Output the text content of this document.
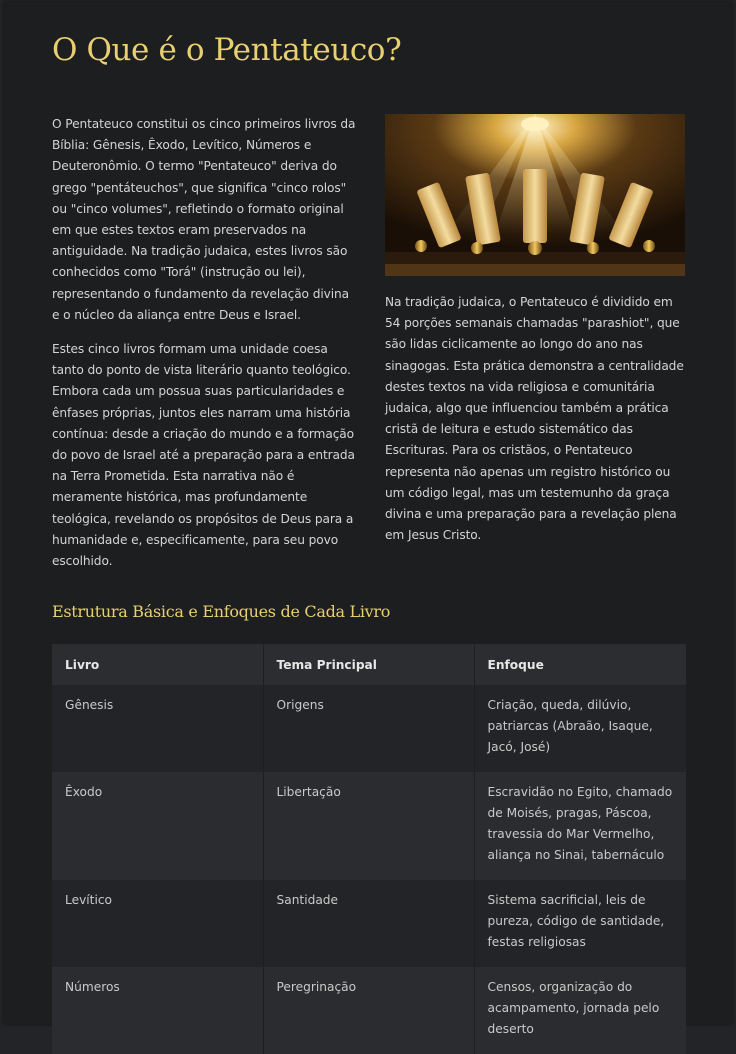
O Que é o Pentateuco?

O Pentateuco constitui os cinco primeiros livros da Bíblia: Gênesis, Êxodo, Levítico, Números e Deuteronômio. O termo "Pentateuco" deriva do grego "pentáteuchos", que significa "cinco rolos" ou "cinco volumes", refletindo o formato original em que estes textos eram preservados na antiguidade. Na tradição judaica, estes livros são conhecidos como "Torá" (instrução ou lei), representando o fundamento da revelação divina e o núcleo da aliança entre Deus e Israel.

Estes cinco livros formam uma unidade coesa tanto do ponto de vista literário quanto teológico. Embora cada um possua suas particularidades e ênfases próprias, juntos eles narram uma história contínua: desde a criação do mundo e a formação do povo de Israel até a preparação para a entrada na Terra Prometida. Esta narrativa não é meramente histórica, mas profundamente teológica, revelando os propósitos de Deus para a humanidade e, especificamente, para seu povo escolhido.

Na tradição judaica, o Pentateuco é dividido em 54 porções semanais chamadas "parashiot", que são lidas ciclicamente ao longo do ano nas sinagogas. Esta prática demonstra a centralidade destes textos na vida religiosa e comunitária judaica, algo que influenciou também a prática cristã de leitura e estudo sistemático das Escrituras. Para os cristãos, o Pentateuco representa não apenas um registro histórico ou um código legal, mas um testemunho da graça divina e uma preparação para a revelação plena em Jesus Cristo.

Estrutura Básica e Enfoques de Cada Livro
Livro	Tema Principal	Enfoque
Gênesis	Origens	Criação, queda, dilúvio, patriarcas (Abraão, Isaque, Jacó, José)
Êxodo	Libertação	Escravidão no Egito, chamado de Moisés, pragas, Páscoa, travessia do Mar Vermelho, aliança no Sinai, tabernáculo
Levítico	Santidade	Sistema sacrificial, leis de pureza, código de santidade, festas religiosas
Números	Peregrinação	Censos, organização do acampamento, jornada pelo deserto
